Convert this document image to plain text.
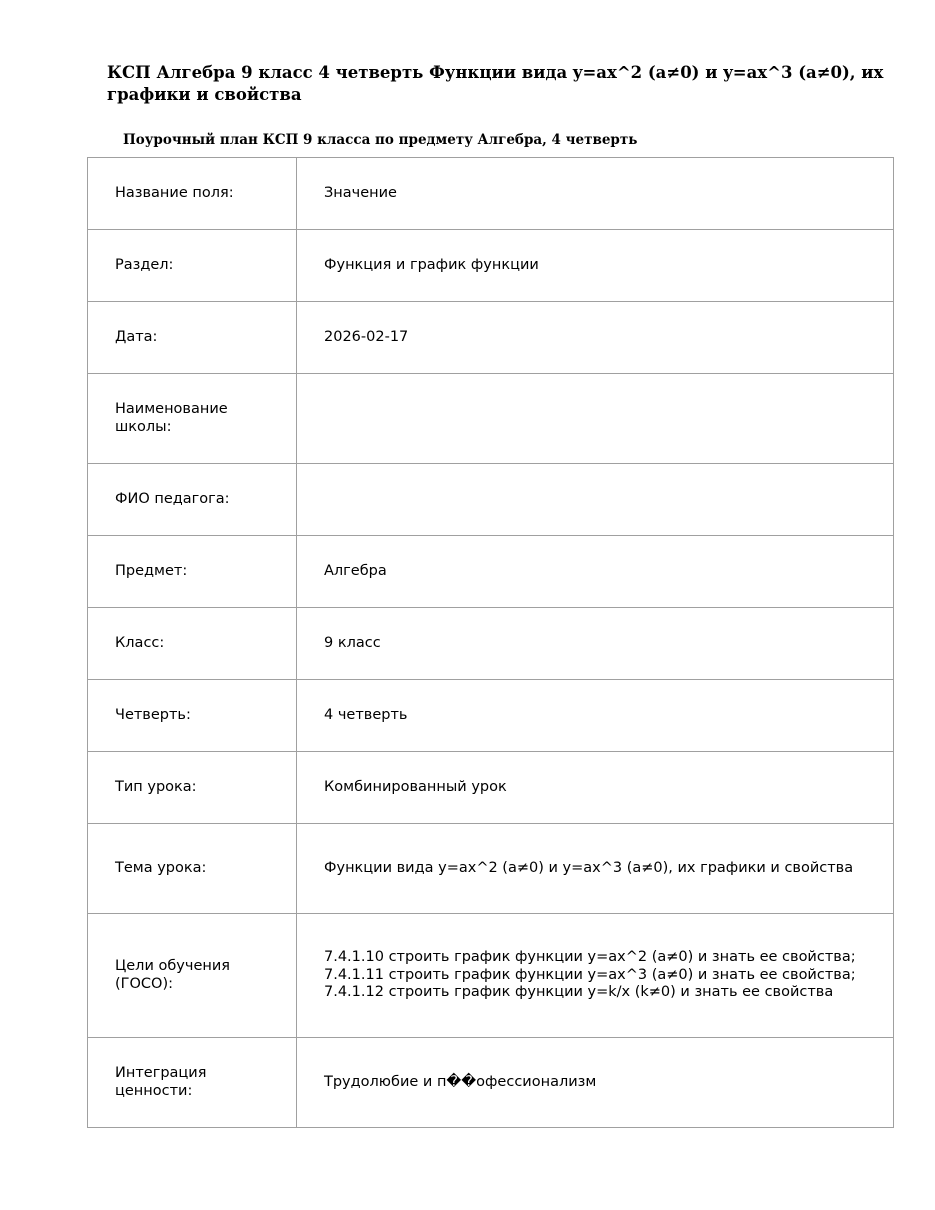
КСП Алгебра 9 класс 4 четверть Функции вида y=ax^2 (a≠0) и y=ax^3 (a≠0), их графики и свойства
Поурочный план КСП 9 класса по предмету Алгебра, 4 четверть
Название поля:	Значение
Раздел:	Функция и график функции
Дата:	2026-02-17
Наименование школы:	
ФИО педагога:	
Предмет:	Алгебра
Класс:	9 класс
Четверть:	4 четверть
Тип урока:	Комбинированный урок
Тема урока:	Функции вида y=ax^2 (a≠0) и y=ax^3 (a≠0), их графики и свойства
Цели обучения (ГОСО):	7.4.1.10 строить график функции y=ax^2 (a≠0) и знать ее свойства; 7.4.1.11 строить график функции y=ax^3 (a≠0) и знать ее свойства; 7.4.1.12 строить график функции y=k/x (k≠0) и знать ее свойства
Интеграция ценности:	Трудолюбие и п��офессионализм
